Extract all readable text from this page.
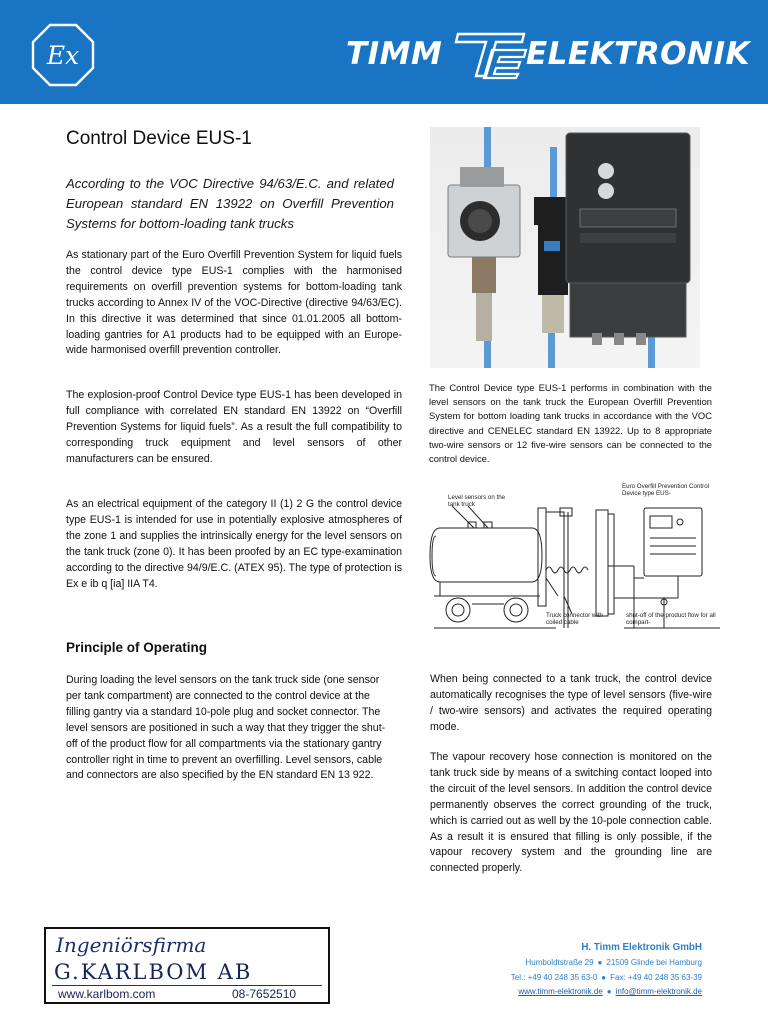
Ex	TIMM	ELEKTRONIK
Control Device EUS-1
According to the VOC Directive 94/63/E.C. and related European standard EN 13922 on Overfill Prevention Systems for bottom-loading tank trucks
As stationary part of the Euro Overfill Prevention System for liquid fuels the control device type EUS-1 complies with the harmonised requirements on overfill prevention systems for bottom-loading tank trucks according to Annex IV of the VOC-Directive (directive 94/63/EC). In this directive it was determined that since 01.01.2005 all bottom-loading gantries for A1 products had to be equipped with an Europe-wide harmonised overfill prevention controller.
The explosion-proof Control Device type EUS-1 has been developed in full compliance with correlated EN standard EN 13922 on “Overfill Prevention Systems for liquid fuels”. As a result the full compatibility to corresponding truck equipment and level sensors of other manufacturers can be ensured.
As an electrical equipment of the category II (1) 2 G the control device type EUS-1 is intended for use in potentially explosive atmospheres of the zone 1 and supplies the intrinsically energy for the level sensors on the tank truck (zone 0). It has been proofed by an EC type-examination according to the directive 94/9/E.C. (ATEX 95). The type of protection is Ex e ib q [ia] IIA T4.
Principle of Operating
During loading the level sensors on the tank truck side (one sensor per tank compartment) are connected to the control device at the filling gantry via a standard 10-pole plug and socket connector. The level sensors are positioned in such a way that they trigger the shut-off of the product flow for all compartments via the stationary gantry controller right in time to prevent an overfilling. Level sensors, cable and connectors are also specified by the EN standard EN 13 922.
The Control Device type EUS-1 performs in combination with the level sensors on the tank truck the European Overfill Prevention System for bottom loading tank trucks in accordance with the VOC directive and CENELEC standard EN 13922. Up to 8 appropriate two-wire sensors or 12 five-wire sensors can be connected to the control device.
Level sensors on the tank truck
Euro Overfill Prevention Control Device type EUS-
Truck connector with coiled cable
shut-off of the product flow for all compart-
When being connected to a tank truck, the control device automatically recognises the type of level sensors (five-wire / two-wire sensors) and activates the required operating mode.
The vapour recovery hose connection is monitored on the tank truck side by means of a switching contact looped into the circuit of the level sensors. In addition the control device permanently observes the correct grounding of the truck, which is carried out as well by the 10-pole connection cable. As a result it is ensured that filling is only possible, if the vapour recovery system and the grounding line are connected properly.
Ingeniörsfirma
G.KARLBOM AB
www.karlbom.com	08-7652510
H. Timm Elektronik GmbH
Humboldtstraße 29 ● 21509 Glinde bei Hamburg
Tel.: +49 40 248 35 63-0 ● Fax: +49 40 248 35 63-39
www.timm-elektronik.de ● info@timm-elektronik.de
